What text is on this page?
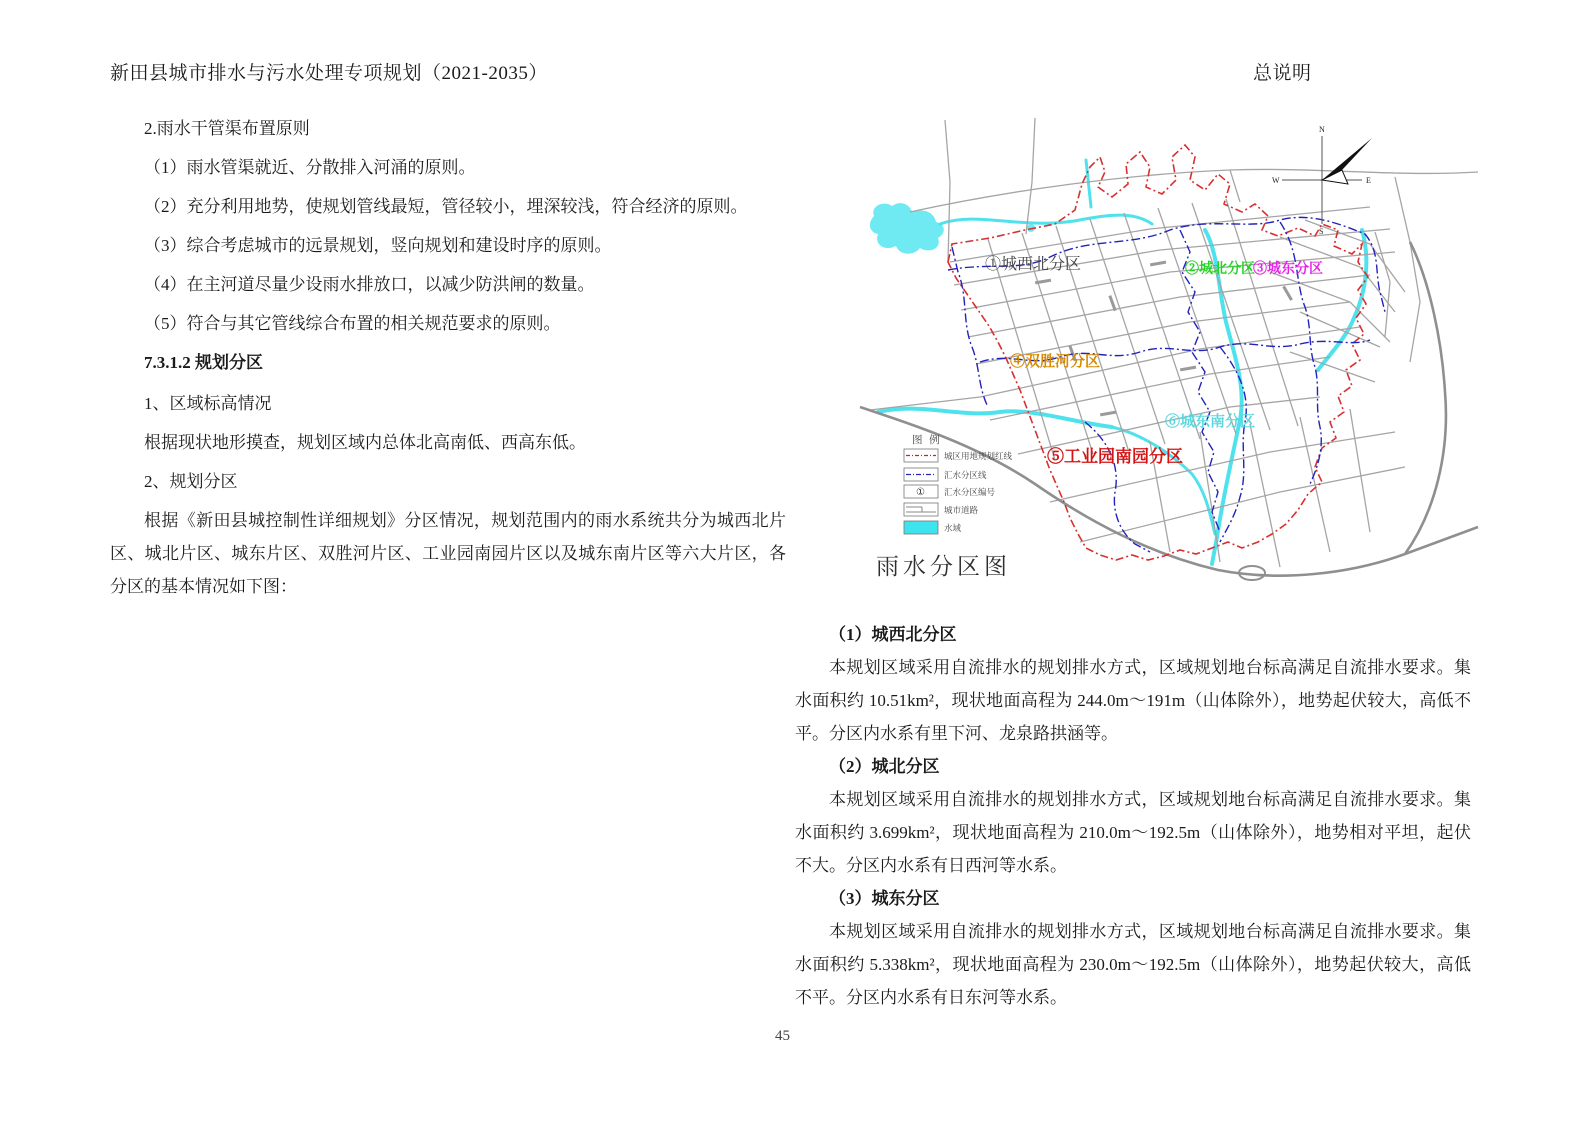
新田县城市排水与污水处理专项规划（2021-2035）	总说明

2.雨水干管渠布置原则

（1）雨水管渠就近、分散排入河涌的原则。

（2）充分利用地势，使规划管线最短，管径较小，埋深较浅，符合经济的原则。

（3）综合考虑城市的远景规划，竖向规划和建设时序的原则。

（4）在主河道尽量少设雨水排放口，以减少防洪闸的数量。

（5）符合与其它管线综合布置的相关规范要求的原则。

7.3.1.2 规划分区

1、区域标高情况

根据现状地形摸查，规划区域内总体北高南低、西高东低。

2、规划分区

根据《新田县城控制性详细规划》分区情况，规划范围内的雨水系统共分为城西北片区、城北片区、城东片区、双胜河片区、工业园南园片区以及城东南片区等六大片区，各分区的基本情况如下图：

N
S
W	E
①城西北分区	②城北分区
③城东分区
④双胜河分区
⑤工业园南园分区
⑥城东南分区
图 例
城区用地规划红线
汇水分区线
① 汇水分区编号
城市道路
水域
雨水分区图

（1）城西北分区

本规划区域采用自流排水的规划排水方式，区域规划地台标高满足自流排水要求。集水面积约 10.51km²，现状地面高程为 244.0m～191m（山体除外），地势起伏较大，高低不平。分区内水系有里下河、龙泉路拱涵等。

（2）城北分区

本规划区域采用自流排水的规划排水方式，区域规划地台标高满足自流排水要求。集水面积约 3.699km²，现状地面高程为 210.0m～192.5m（山体除外），地势相对平坦，起伏不大。分区内水系有日西河等水系。

（3）城东分区

本规划区域采用自流排水的规划排水方式，区域规划地台标高满足自流排水要求。集水面积约 5.338km²，现状地面高程为 230.0m～192.5m（山体除外），地势起伏较大，高低不平。分区内水系有日东河等水系。

45
